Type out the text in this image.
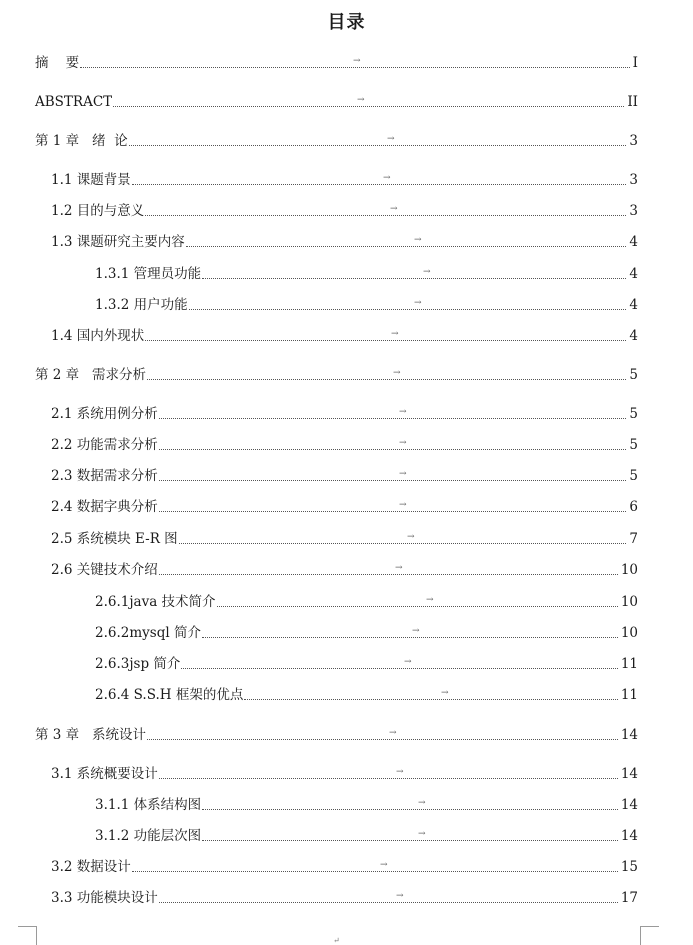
目录
摘    要	→	I
ABSTRACT	→	II
第 1 章   绪  论	→	3
1.1 课题背景	→	3
1.2 目的与意义	→	3
1.3 课题研究主要内容	→	4
1.3.1 管理员功能	→	4
1.3.2 用户功能	→	4
1.4 国内外现状	→	4
第 2 章   需求分析	→	5
2.1 系统用例分析	→	5
2.2 功能需求分析	→	5
2.3 数据需求分析	→	5
2.4 数据字典分析	→	6
2.5 系统模块 E-R 图	→	7
2.6 关键技术介绍	→	10
2.6.1java 技术简介	→	10
2.6.2mysql 简介	→	10
2.6.3jsp 简介	→	11
2.6.4 S.S.H 框架的优点	→	11
第 3 章   系统设计	→	14
3.1 系统概要设计	→	14
3.1.1 体系结构图	→	14
3.1.2 功能层次图	→	14
3.2 数据设计	→	15
3.3 功能模块设计	→	17
↵
